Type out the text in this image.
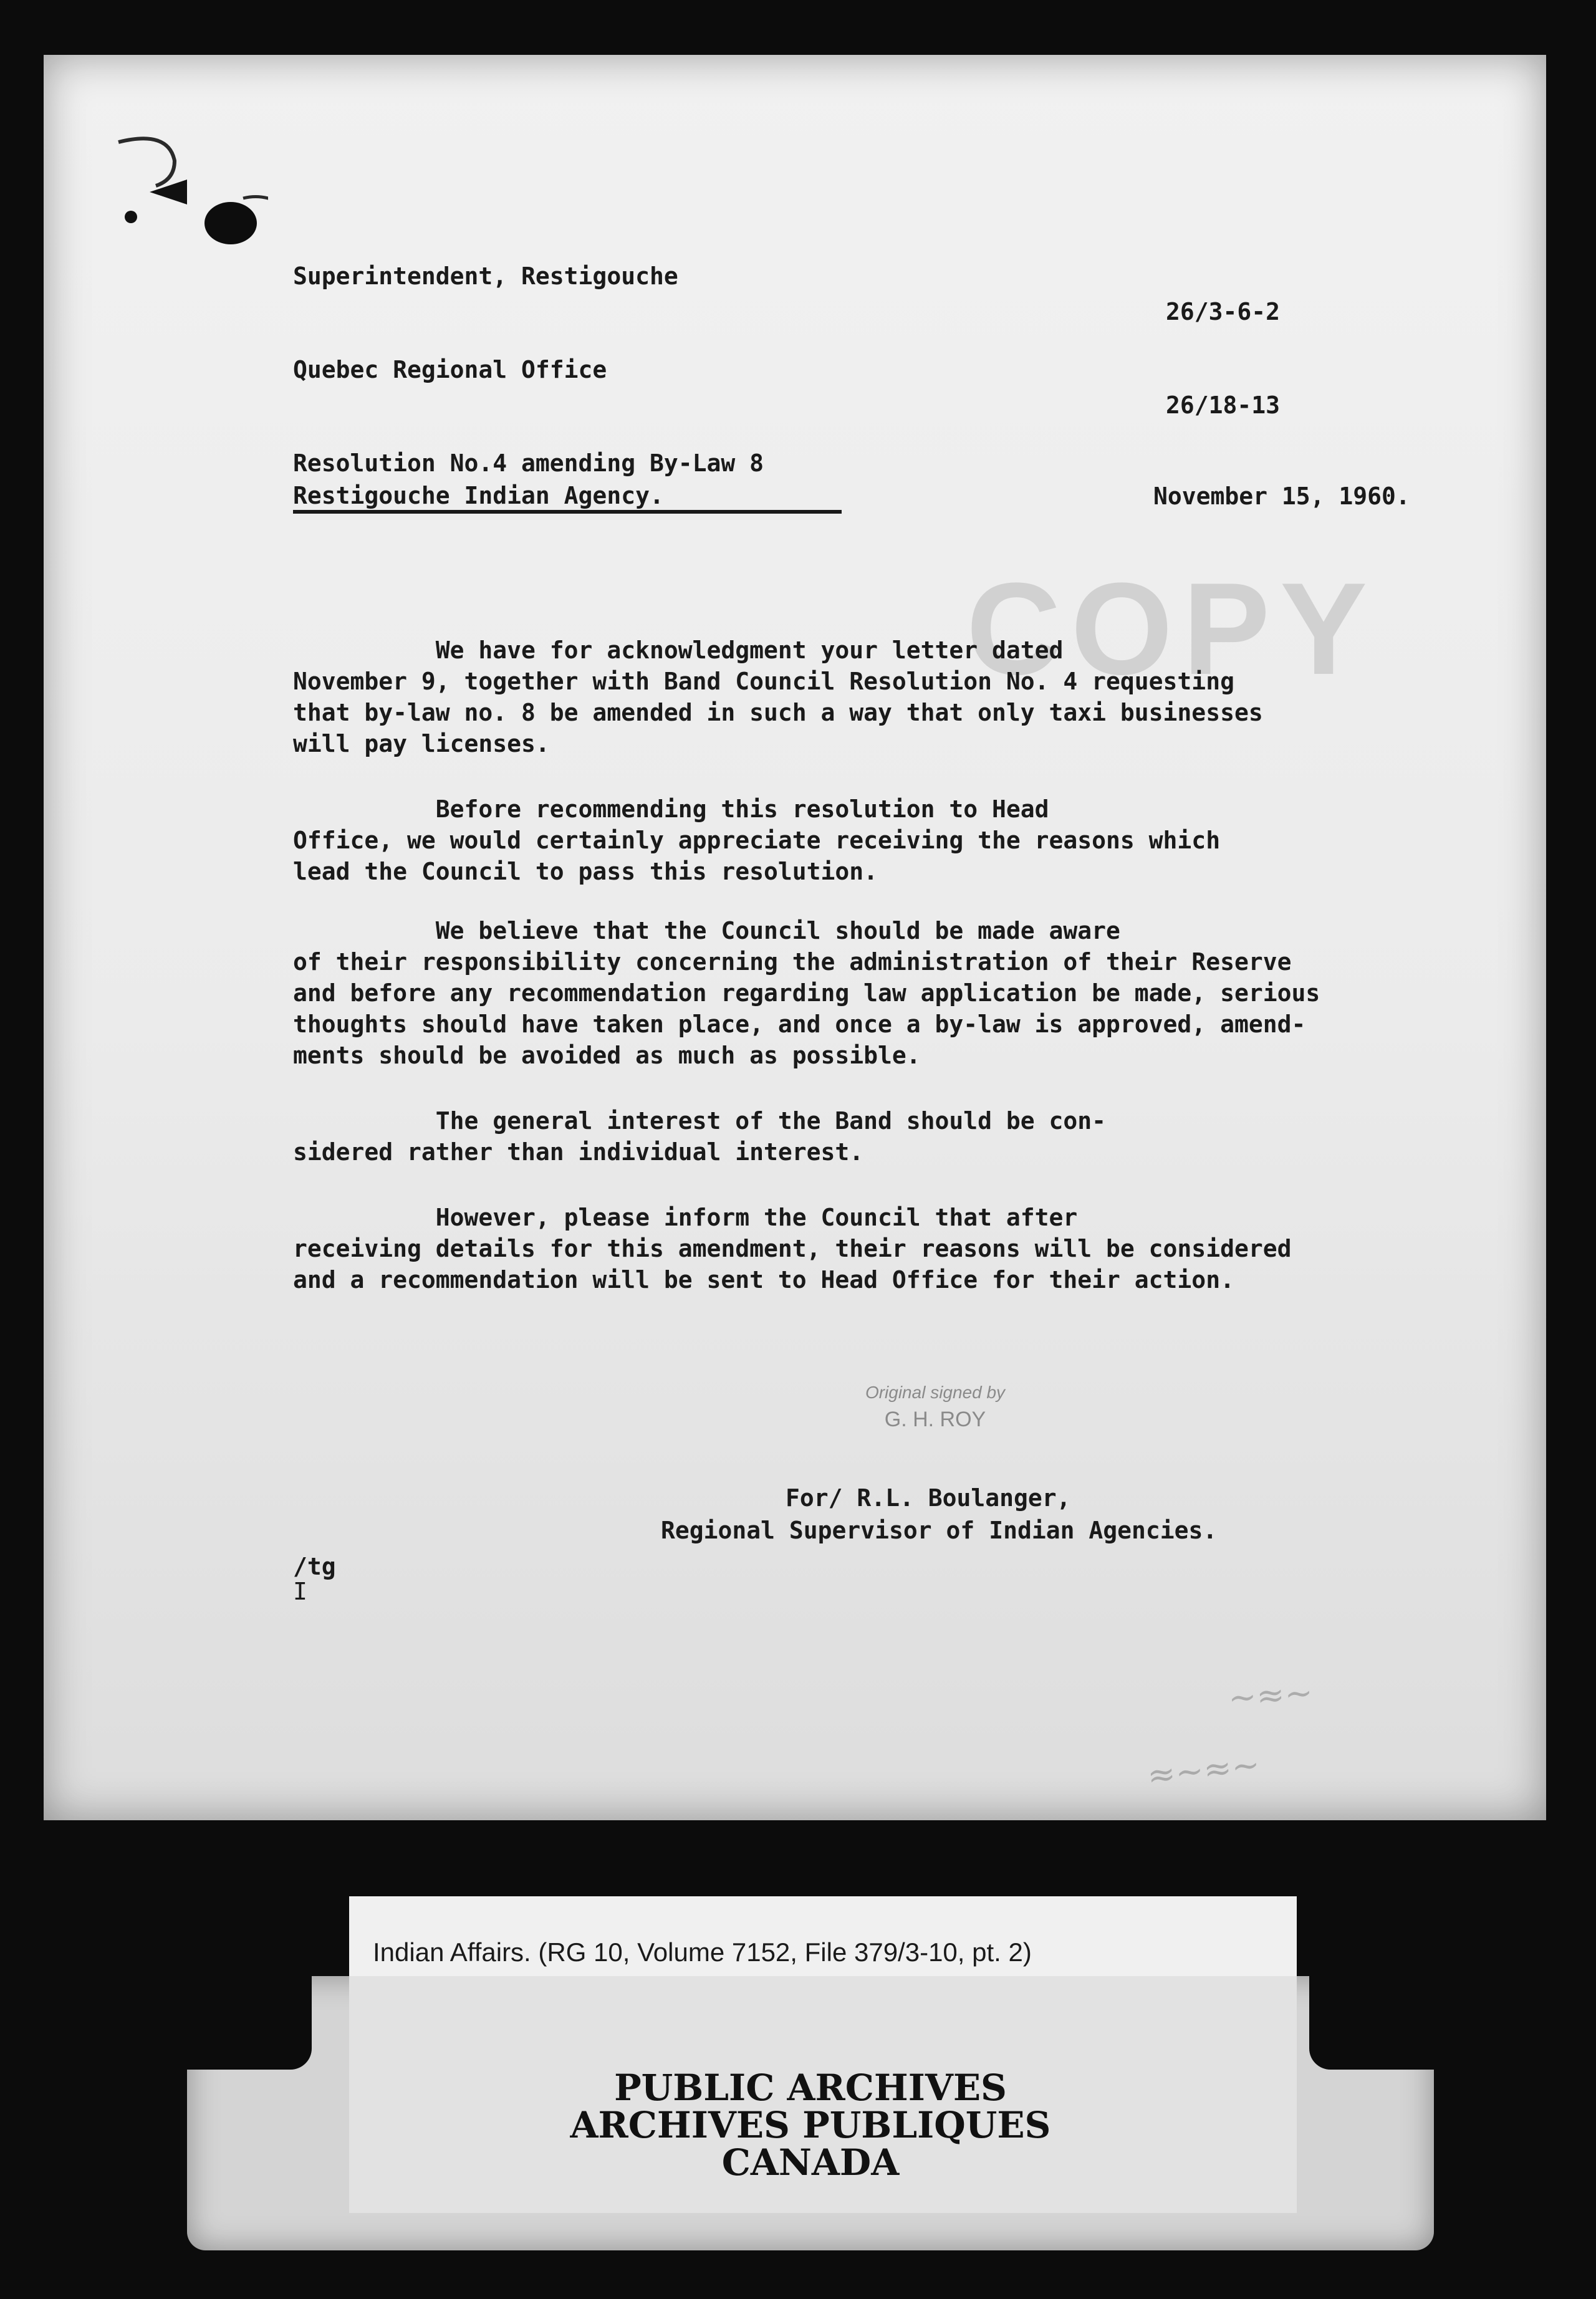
Superintendent, Restigouche

26/3-6-2

Quebec Regional Office

26/18-13

Resolution No.4 amending By-Law 8

Restigouche Indian Agency.	November 15, 1960.

COPY

We have for acknowledgment your letter dated
November 9, together with Band Council Resolution No. 4 requesting
that by-law no. 8 be amended in such a way that only taxi businesses
will pay licenses.

Before recommending this resolution to Head
Office, we would certainly appreciate receiving the reasons which
lead the Council to pass this resolution.

We believe that the Council should be made aware
of their responsibility concerning the administration of their Reserve
and before any recommendation regarding law application be made, serious
thoughts should have taken place, and once a by-law is approved, amend-
ments should be avoided as much as possible.

The general interest of the Band should be con-
sidered rather than individual interest.

However, please inform the Council that after
receiving details for this amendment, their reasons will be considered
and a recommendation will be sent to Head Office for their action.

Original signed by

G. H. ROY

For/ R.L. Boulanger,

Regional Supervisor of Indian Agencies.

/tg

I

∼≈∼
≈∼≈∼

Indian Affairs. (RG 10, Volume 7152, File 379/3-10, pt. 2)

PUBLIC ARCHIVES

ARCHIVES PUBLIQUES

CANADA
